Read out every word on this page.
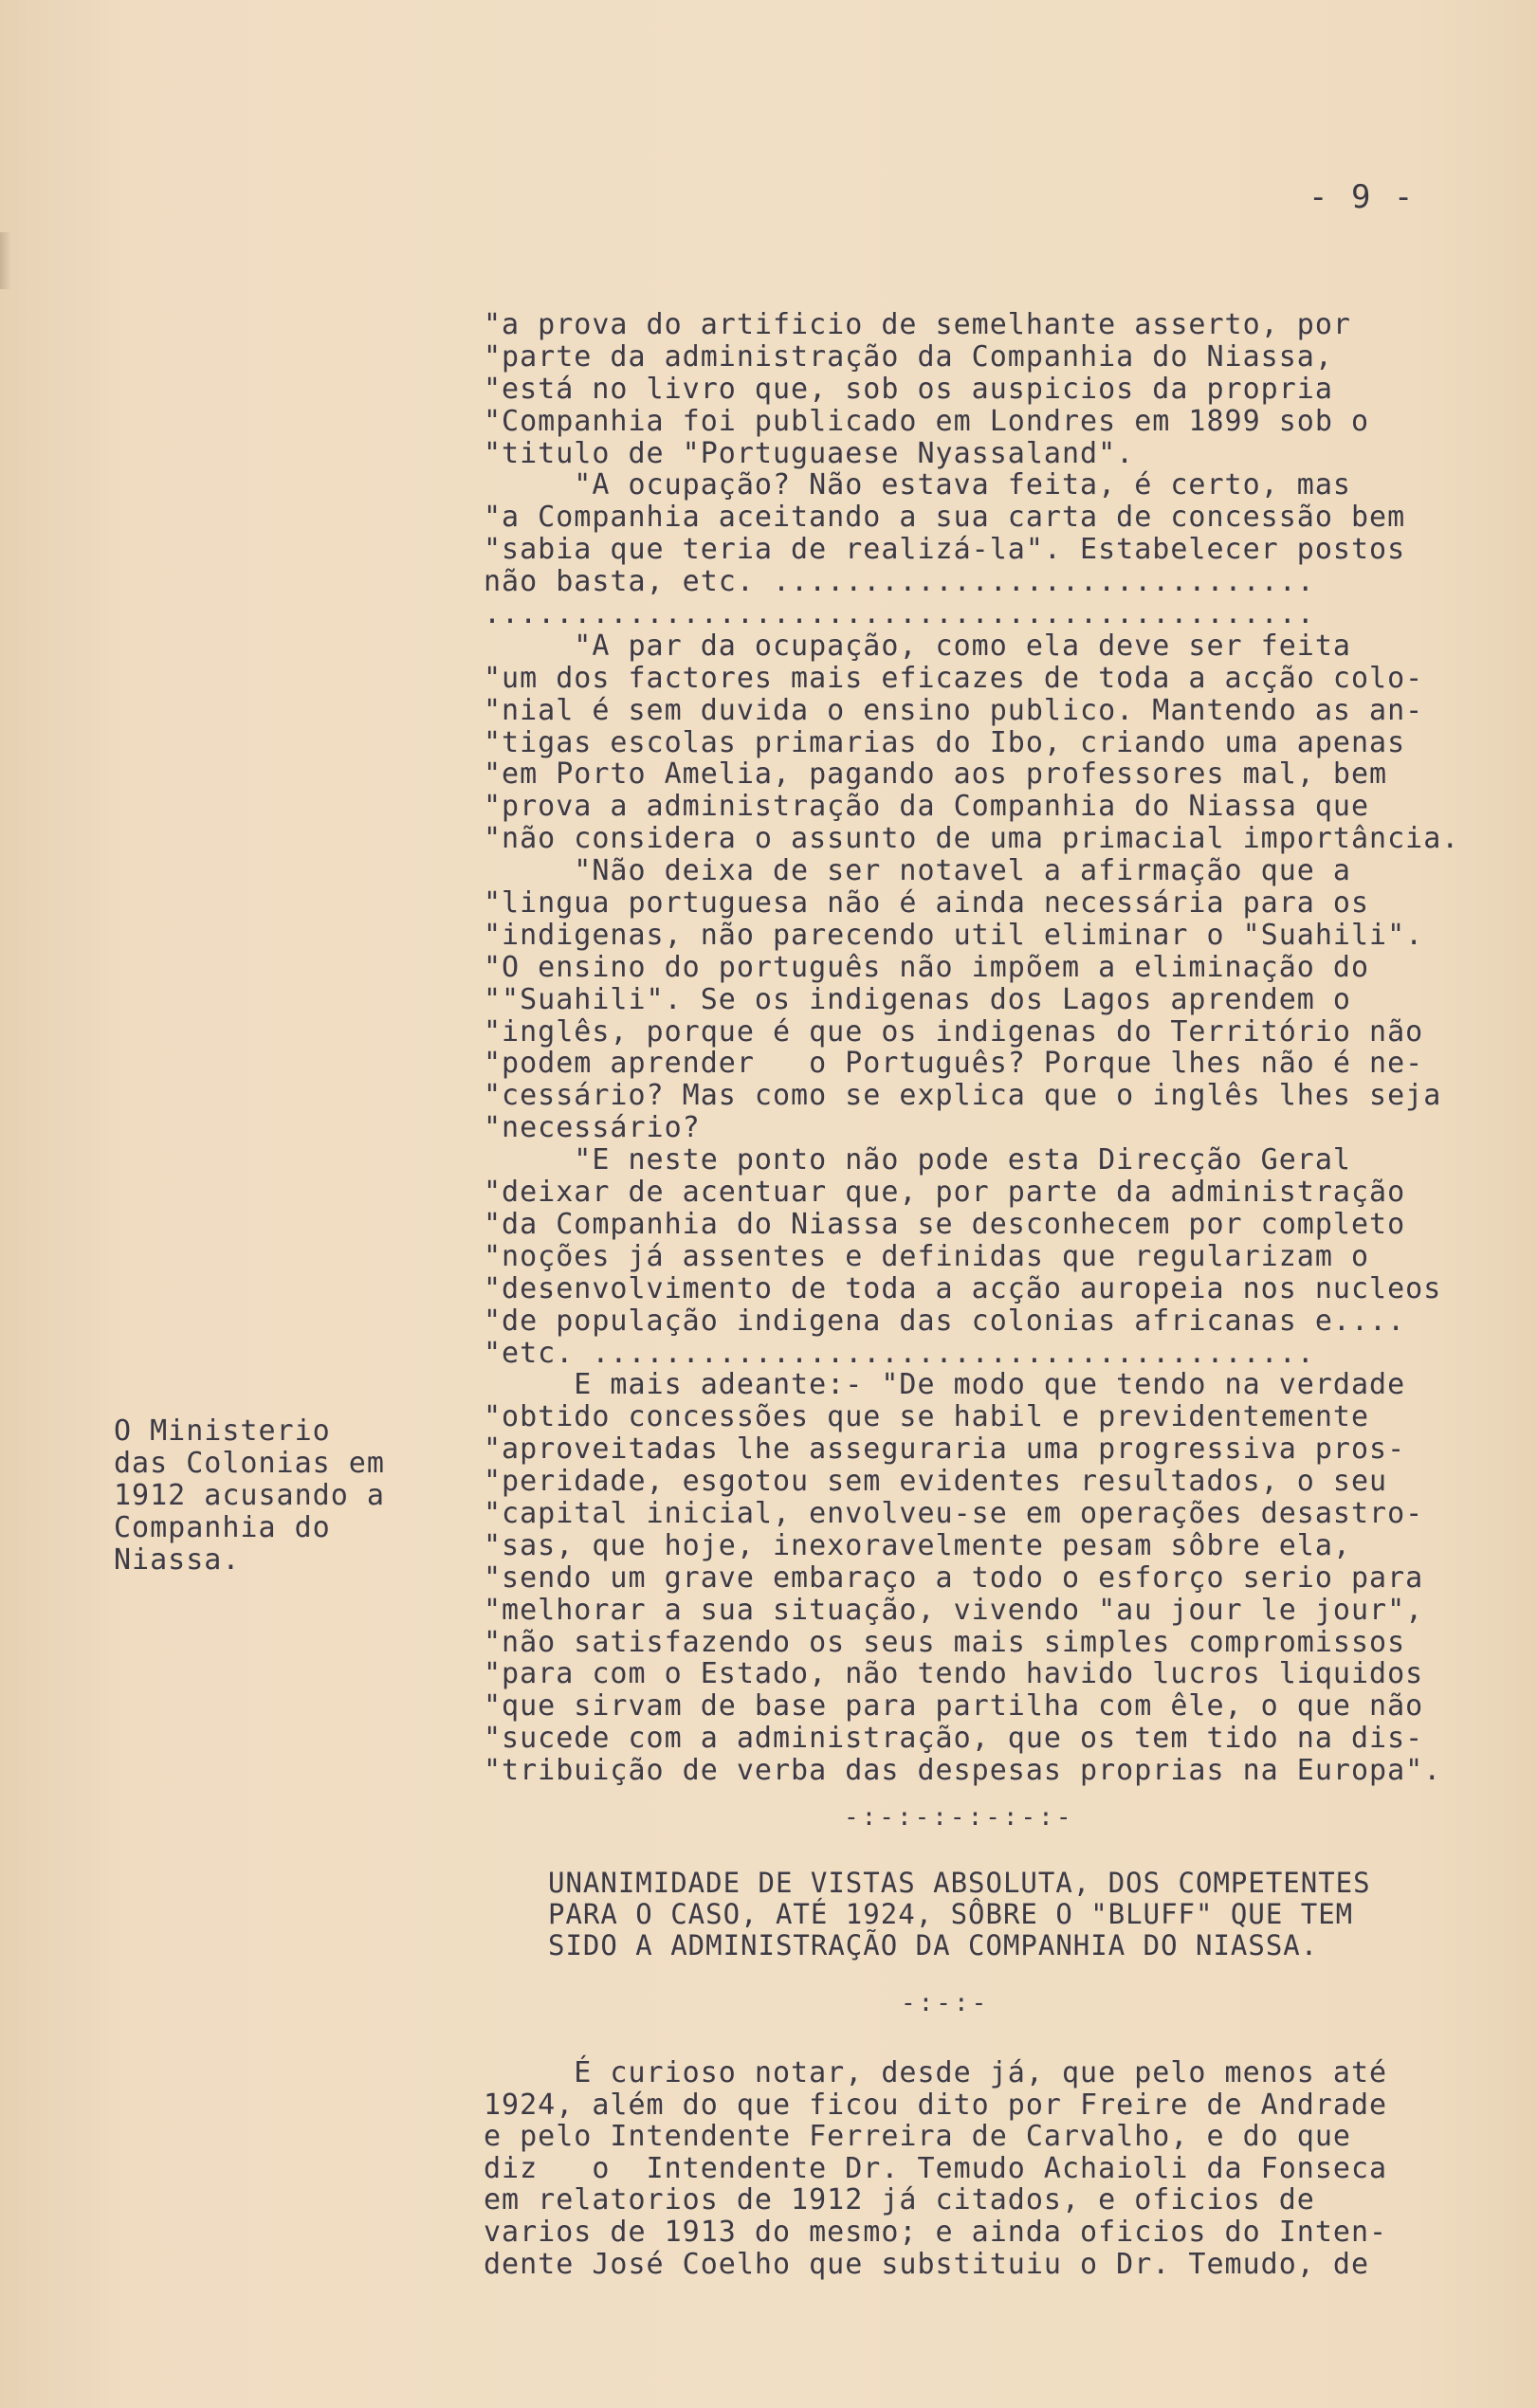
- 9 -
"a prova do artificio de semelhante asserto, por
"parte da administração da Companhia do Niassa,
"está no livro que, sob os auspicios da propria
"Companhia foi publicado em Londres em 1899 sob o
"titulo de "Portuguaese Nyassaland".
"A ocupação? Não estava feita, é certo, mas
"a Companhia aceitando a sua carta de concessão bem
"sabia que teria de realizá-la". Estabelecer postos
não basta, etc. ..............................
..............................................
"A par da ocupação, como ela deve ser feita
"um dos factores mais eficazes de toda a acção colo-
"nial é sem duvida o ensino publico. Mantendo as an-
"tigas escolas primarias do Ibo, criando uma apenas
"em Porto Amelia, pagando aos professores mal, bem
"prova a administração da Companhia do Niassa que
"não considera o assunto de uma primacial importância.
"Não deixa de ser notavel a afirmação que a
"lingua portuguesa não é ainda necessária para os
"indigenas, não parecendo util eliminar o "Suahili".
"O ensino do português não impõem a eliminação do
""Suahili". Se os indigenas dos Lagos aprendem o
"inglês, porque é que os indigenas do Território não
"podem aprender   o Português? Porque lhes não é ne-
"cessário? Mas como se explica que o inglês lhes seja
"necessário?
"E neste ponto não pode esta Direcção Geral
"deixar de acentuar que, por parte da administração
"da Companhia do Niassa se desconhecem por completo
"noções já assentes e definidas que regularizam o
"desenvolvimento de toda a acção auropeia nos nucleos
"de população indigena das colonias africanas e....
"etc. ........................................
E mais adeante:- "De modo que tendo na verdade
"obtido concessões que se habil e previdentemente
"aproveitadas lhe asseguraria uma progressiva pros-
"peridade, esgotou sem evidentes resultados, o seu
"capital inicial, envolveu-se em operações desastro-
"sas, que hoje, inexoravelmente pesam sôbre ela,
"sendo um grave embaraço a todo o esforço serio para
"melhorar a sua situação, vivendo "au jour le jour",
"não satisfazendo os seus mais simples compromissos
"para com o Estado, não tendo havido lucros liquidos
"que sirvam de base para partilha com êle, o que não
"sucede com a administração, que os tem tido na dis-
"tribuição de verba das despesas proprias na Europa".
O Ministerio
das Colonias em
1912 acusando a
Companhia do
Niassa.
-:-:-:-:-:-:-
UNANIMIDADE DE VISTAS ABSOLUTA, DOS COMPETENTES
PARA O CASO, ATÉ 1924, SÔBRE O "BLUFF" QUE TEM
SIDO A ADMINISTRAÇÃO DA COMPANHIA DO NIASSA.
-:-:-
É curioso notar, desde já, que pelo menos até
1924, além do que ficou dito por Freire de Andrade
e pelo Intendente Ferreira de Carvalho, e do que
diz   o  Intendente Dr. Temudo Achaioli da Fonseca
em relatorios de 1912 já citados, e oficios de
varios de 1913 do mesmo; e ainda oficios do Inten-
dente José Coelho que substituiu o Dr. Temudo, de
